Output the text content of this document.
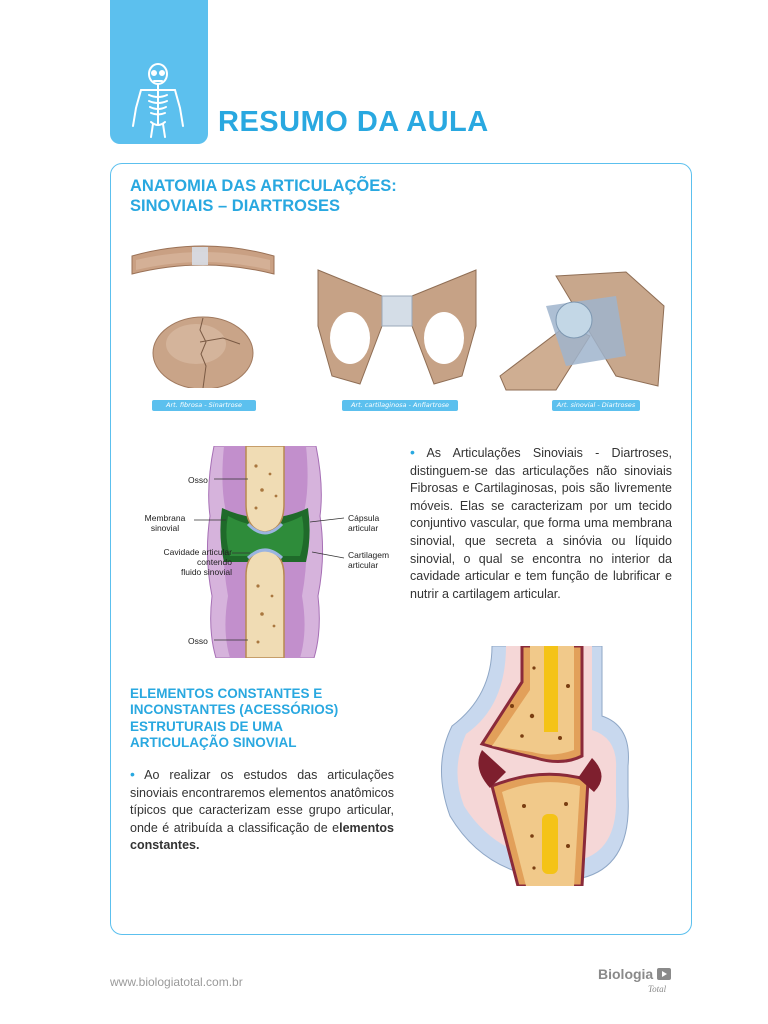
RESUMO DA AULA
ANATOMIA DAS ARTICULAÇÕES:
SINOVIAIS – DIARTROSES
Art. fibrosa - Sinartrose	Art. cartilaginosa - Anfiartrose	Art. sinovial - Diartroses
Osso
Membrana
sinovial
Cavidade articular
contendo
fluido sinovial
Osso
Cápsula
articular
Cartilagem
articular

• As Articulações Sinoviais - Diartroses, distinguem-se das articulações não sinoviais Fibrosas e Cartilaginosas, pois são livremente móveis. Elas se caracterizam por um tecido conjuntivo vascular, que forma uma membrana sinovial, que secreta a sinóvia ou líquido sinovial, o qual se encontra no interior da cavidade articular e tem função de lubrificar e nutrir a cartilagem articular.

ELEMENTOS CONSTANTES E
INCONSTANTES (ACESSÓRIOS)
ESTRUTURAIS DE UMA
ARTICULAÇÃO SINOVIAL

• Ao realizar os estudos das articulações sinoviais encontraremos elementos anatômicos típicos que caracterizam esse grupo articular, onde é atribuída a classificação de elementos constantes.

www.biologiatotal.com.br	Biologia
Total
